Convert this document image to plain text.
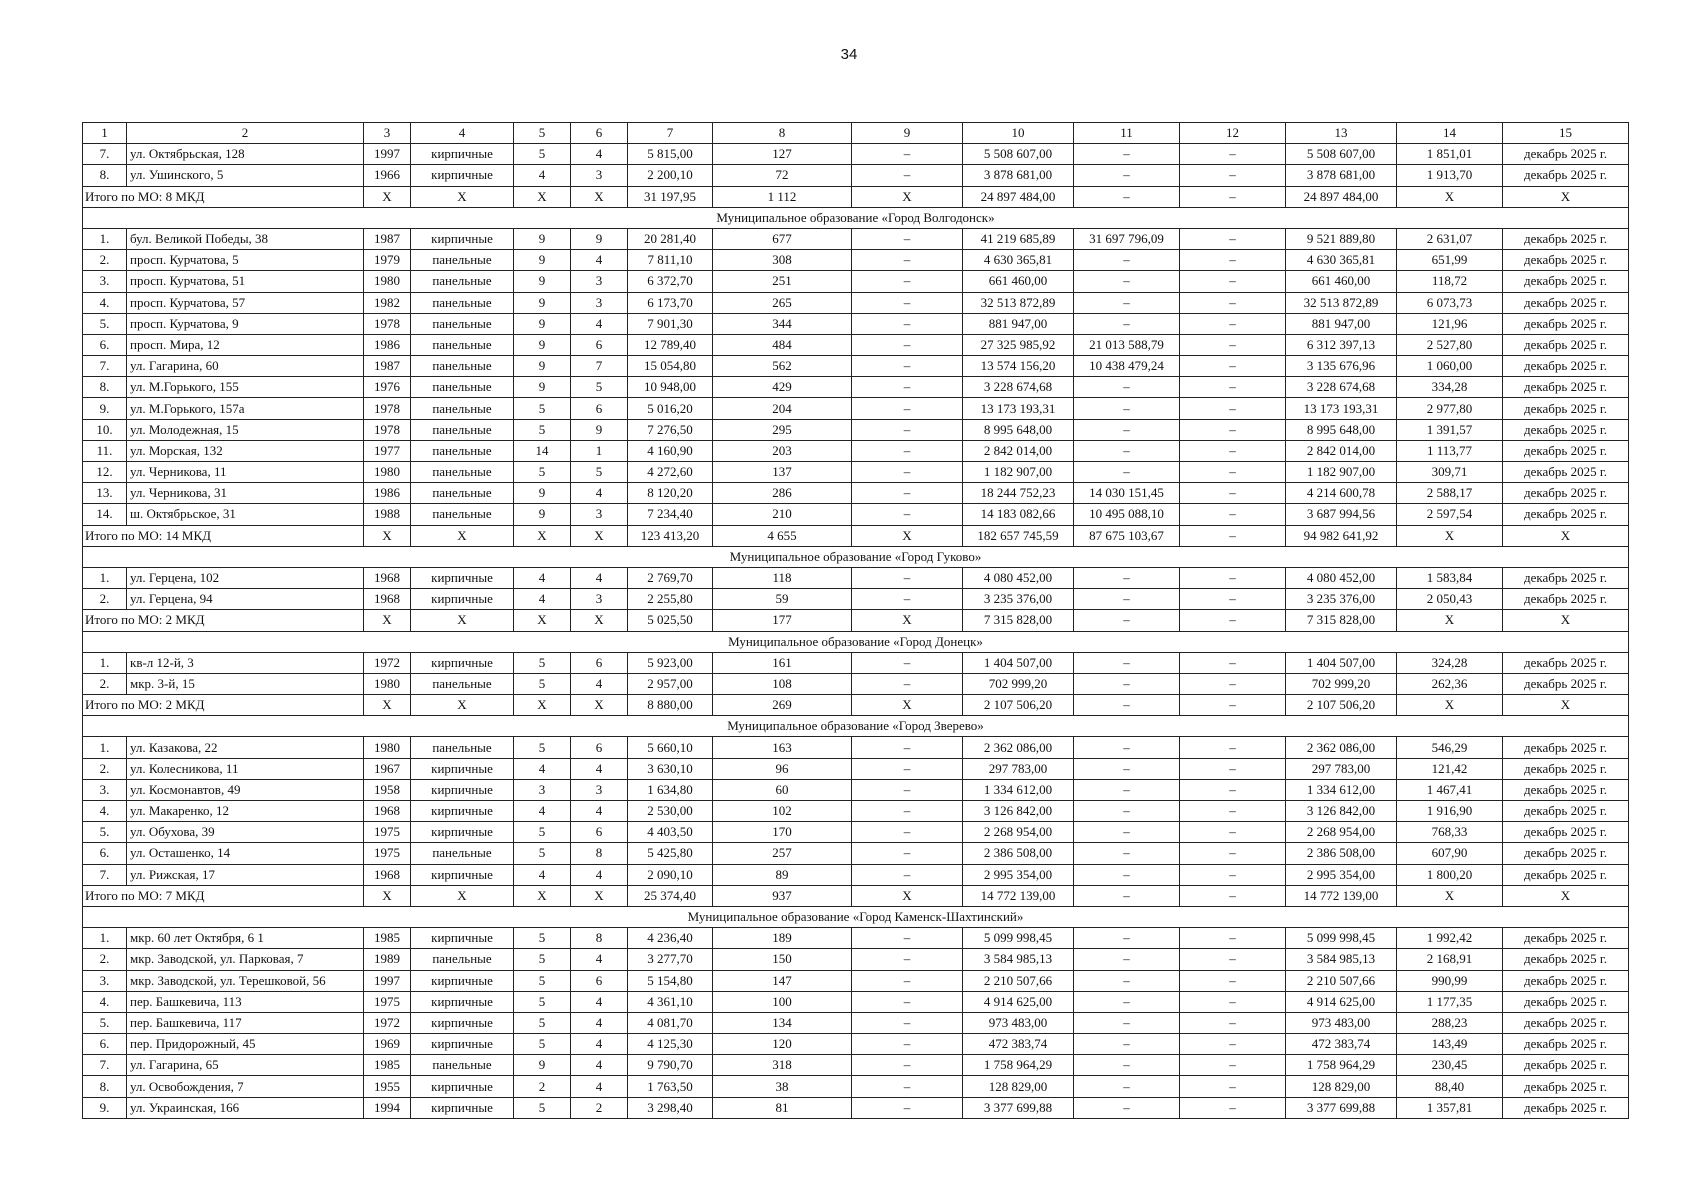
34
1	2	3	4	5	6	7	8	9	10	11	12	13	14	15
7.	ул. Октябрьская, 128	1997	кирпичные	5	4	5 815,00	127	–	5 508 607,00	–	–	5 508 607,00	1 851,01	декабрь 2025 г.
8.	ул. Ушинского, 5	1966	кирпичные	4	3	2 200,10	72	–	3 878 681,00	–	–	3 878 681,00	1 913,70	декабрь 2025 г.
Итого по МО: 8 МКД		X	X	X	X	31 197,95	1 112	X	24 897 484,00	–	–	24 897 484,00	X	X
Муниципальное образование «Город Волгодонск»														
1.	бул. Великой Победы, 38	1987	кирпичные	9	9	20 281,40	677	–	41 219 685,89	31 697 796,09	–	9 521 889,80	2 631,07	декабрь 2025 г.
2.	просп. Курчатова, 5	1979	панельные	9	4	7 811,10	308	–	4 630 365,81	–	–	4 630 365,81	651,99	декабрь 2025 г.
3.	просп. Курчатова, 51	1980	панельные	9	3	6 372,70	251	–	661 460,00	–	–	661 460,00	118,72	декабрь 2025 г.
4.	просп. Курчатова, 57	1982	панельные	9	3	6 173,70	265	–	32 513 872,89	–	–	32 513 872,89	6 073,73	декабрь 2025 г.
5.	просп. Курчатова, 9	1978	панельные	9	4	7 901,30	344	–	881 947,00	–	–	881 947,00	121,96	декабрь 2025 г.
6.	просп. Мира, 12	1986	панельные	9	6	12 789,40	484	–	27 325 985,92	21 013 588,79	–	6 312 397,13	2 527,80	декабрь 2025 г.
7.	ул. Гагарина, 60	1987	панельные	9	7	15 054,80	562	–	13 574 156,20	10 438 479,24	–	3 135 676,96	1 060,00	декабрь 2025 г.
8.	ул. М.Горького, 155	1976	панельные	9	5	10 948,00	429	–	3 228 674,68	–	–	3 228 674,68	334,28	декабрь 2025 г.
9.	ул. М.Горького, 157а	1978	панельные	5	6	5 016,20	204	–	13 173 193,31	–	–	13 173 193,31	2 977,80	декабрь 2025 г.
10.	ул. Молодежная, 15	1978	панельные	5	9	7 276,50	295	–	8 995 648,00	–	–	8 995 648,00	1 391,57	декабрь 2025 г.
11.	ул. Морская, 132	1977	панельные	14	1	4 160,90	203	–	2 842 014,00	–	–	2 842 014,00	1 113,77	декабрь 2025 г.
12.	ул. Черникова, 11	1980	панельные	5	5	4 272,60	137	–	1 182 907,00	–	–	1 182 907,00	309,71	декабрь 2025 г.
13.	ул. Черникова, 31	1986	панельные	9	4	8 120,20	286	–	18 244 752,23	14 030 151,45	–	4 214 600,78	2 588,17	декабрь 2025 г.
14.	ш. Октябрьское, 31	1988	панельные	9	3	7 234,40	210	–	14 183 082,66	10 495 088,10	–	3 687 994,56	2 597,54	декабрь 2025 г.
Итого по МО: 14 МКД		X	X	X	X	123 413,20	4 655	X	182 657 745,59	87 675 103,67	–	94 982 641,92	X	X
Муниципальное образование «Город Гуково»														
1.	ул. Герцена, 102	1968	кирпичные	4	4	2 769,70	118	–	4 080 452,00	–	–	4 080 452,00	1 583,84	декабрь 2025 г.
2.	ул. Герцена, 94	1968	кирпичные	4	3	2 255,80	59	–	3 235 376,00	–	–	3 235 376,00	2 050,43	декабрь 2025 г.
Итого по МО: 2 МКД		X	X	X	X	5 025,50	177	X	7 315 828,00	–	–	7 315 828,00	X	X
Муниципальное образование «Город Донецк»														
1.	кв-л 12-й, 3	1972	кирпичные	5	6	5 923,00	161	–	1 404 507,00	–	–	1 404 507,00	324,28	декабрь 2025 г.
2.	мкр. 3-й, 15	1980	панельные	5	4	2 957,00	108	–	702 999,20	–	–	702 999,20	262,36	декабрь 2025 г.
Итого по МО: 2 МКД		X	X	X	X	8 880,00	269	X	2 107 506,20	–	–	2 107 506,20	X	X
Муниципальное образование «Город Зверево»														
1.	ул. Казакова, 22	1980	панельные	5	6	5 660,10	163	–	2 362 086,00	–	–	2 362 086,00	546,29	декабрь 2025 г.
2.	ул. Колесникова, 11	1967	кирпичные	4	4	3 630,10	96	–	297 783,00	–	–	297 783,00	121,42	декабрь 2025 г.
3.	ул. Космонавтов, 49	1958	кирпичные	3	3	1 634,80	60	–	1 334 612,00	–	–	1 334 612,00	1 467,41	декабрь 2025 г.
4.	ул. Макаренко, 12	1968	кирпичные	4	4	2 530,00	102	–	3 126 842,00	–	–	3 126 842,00	1 916,90	декабрь 2025 г.
5.	ул. Обухова, 39	1975	кирпичные	5	6	4 403,50	170	–	2 268 954,00	–	–	2 268 954,00	768,33	декабрь 2025 г.
6.	ул. Осташенко, 14	1975	панельные	5	8	5 425,80	257	–	2 386 508,00	–	–	2 386 508,00	607,90	декабрь 2025 г.
7.	ул. Рижская, 17	1968	кирпичные	4	4	2 090,10	89	–	2 995 354,00	–	–	2 995 354,00	1 800,20	декабрь 2025 г.
Итого по МО: 7 МКД		X	X	X	X	25 374,40	937	X	14 772 139,00	–	–	14 772 139,00	X	X
Муниципальное образование «Город Каменск-Шахтинский»														
1.	мкр. 60 лет Октября, 6 1	1985	кирпичные	5	8	4 236,40	189	–	5 099 998,45	–	–	5 099 998,45	1 992,42	декабрь 2025 г.
2.	мкр. Заводской, ул. Парковая, 7	1989	панельные	5	4	3 277,70	150	–	3 584 985,13	–	–	3 584 985,13	2 168,91	декабрь 2025 г.
3.	мкр. Заводской, ул. Терешковой, 56	1997	кирпичные	5	6	5 154,80	147	–	2 210 507,66	–	–	2 210 507,66	990,99	декабрь 2025 г.
4.	пер. Башкевича, 113	1975	кирпичные	5	4	4 361,10	100	–	4 914 625,00	–	–	4 914 625,00	1 177,35	декабрь 2025 г.
5.	пер. Башкевича, 117	1972	кирпичные	5	4	4 081,70	134	–	973 483,00	–	–	973 483,00	288,23	декабрь 2025 г.
6.	пер. Придорожный, 45	1969	кирпичные	5	4	4 125,30	120	–	472 383,74	–	–	472 383,74	143,49	декабрь 2025 г.
7.	ул. Гагарина, 65	1985	панельные	9	4	9 790,70	318	–	1 758 964,29	–	–	1 758 964,29	230,45	декабрь 2025 г.
8.	ул. Освобождения, 7	1955	кирпичные	2	4	1 763,50	38	–	128 829,00	–	–	128 829,00	88,40	декабрь 2025 г.
9.	ул. Украинская, 166	1994	кирпичные	5	2	3 298,40	81	–	3 377 699,88	–	–	3 377 699,88	1 357,81	декабрь 2025 г.
